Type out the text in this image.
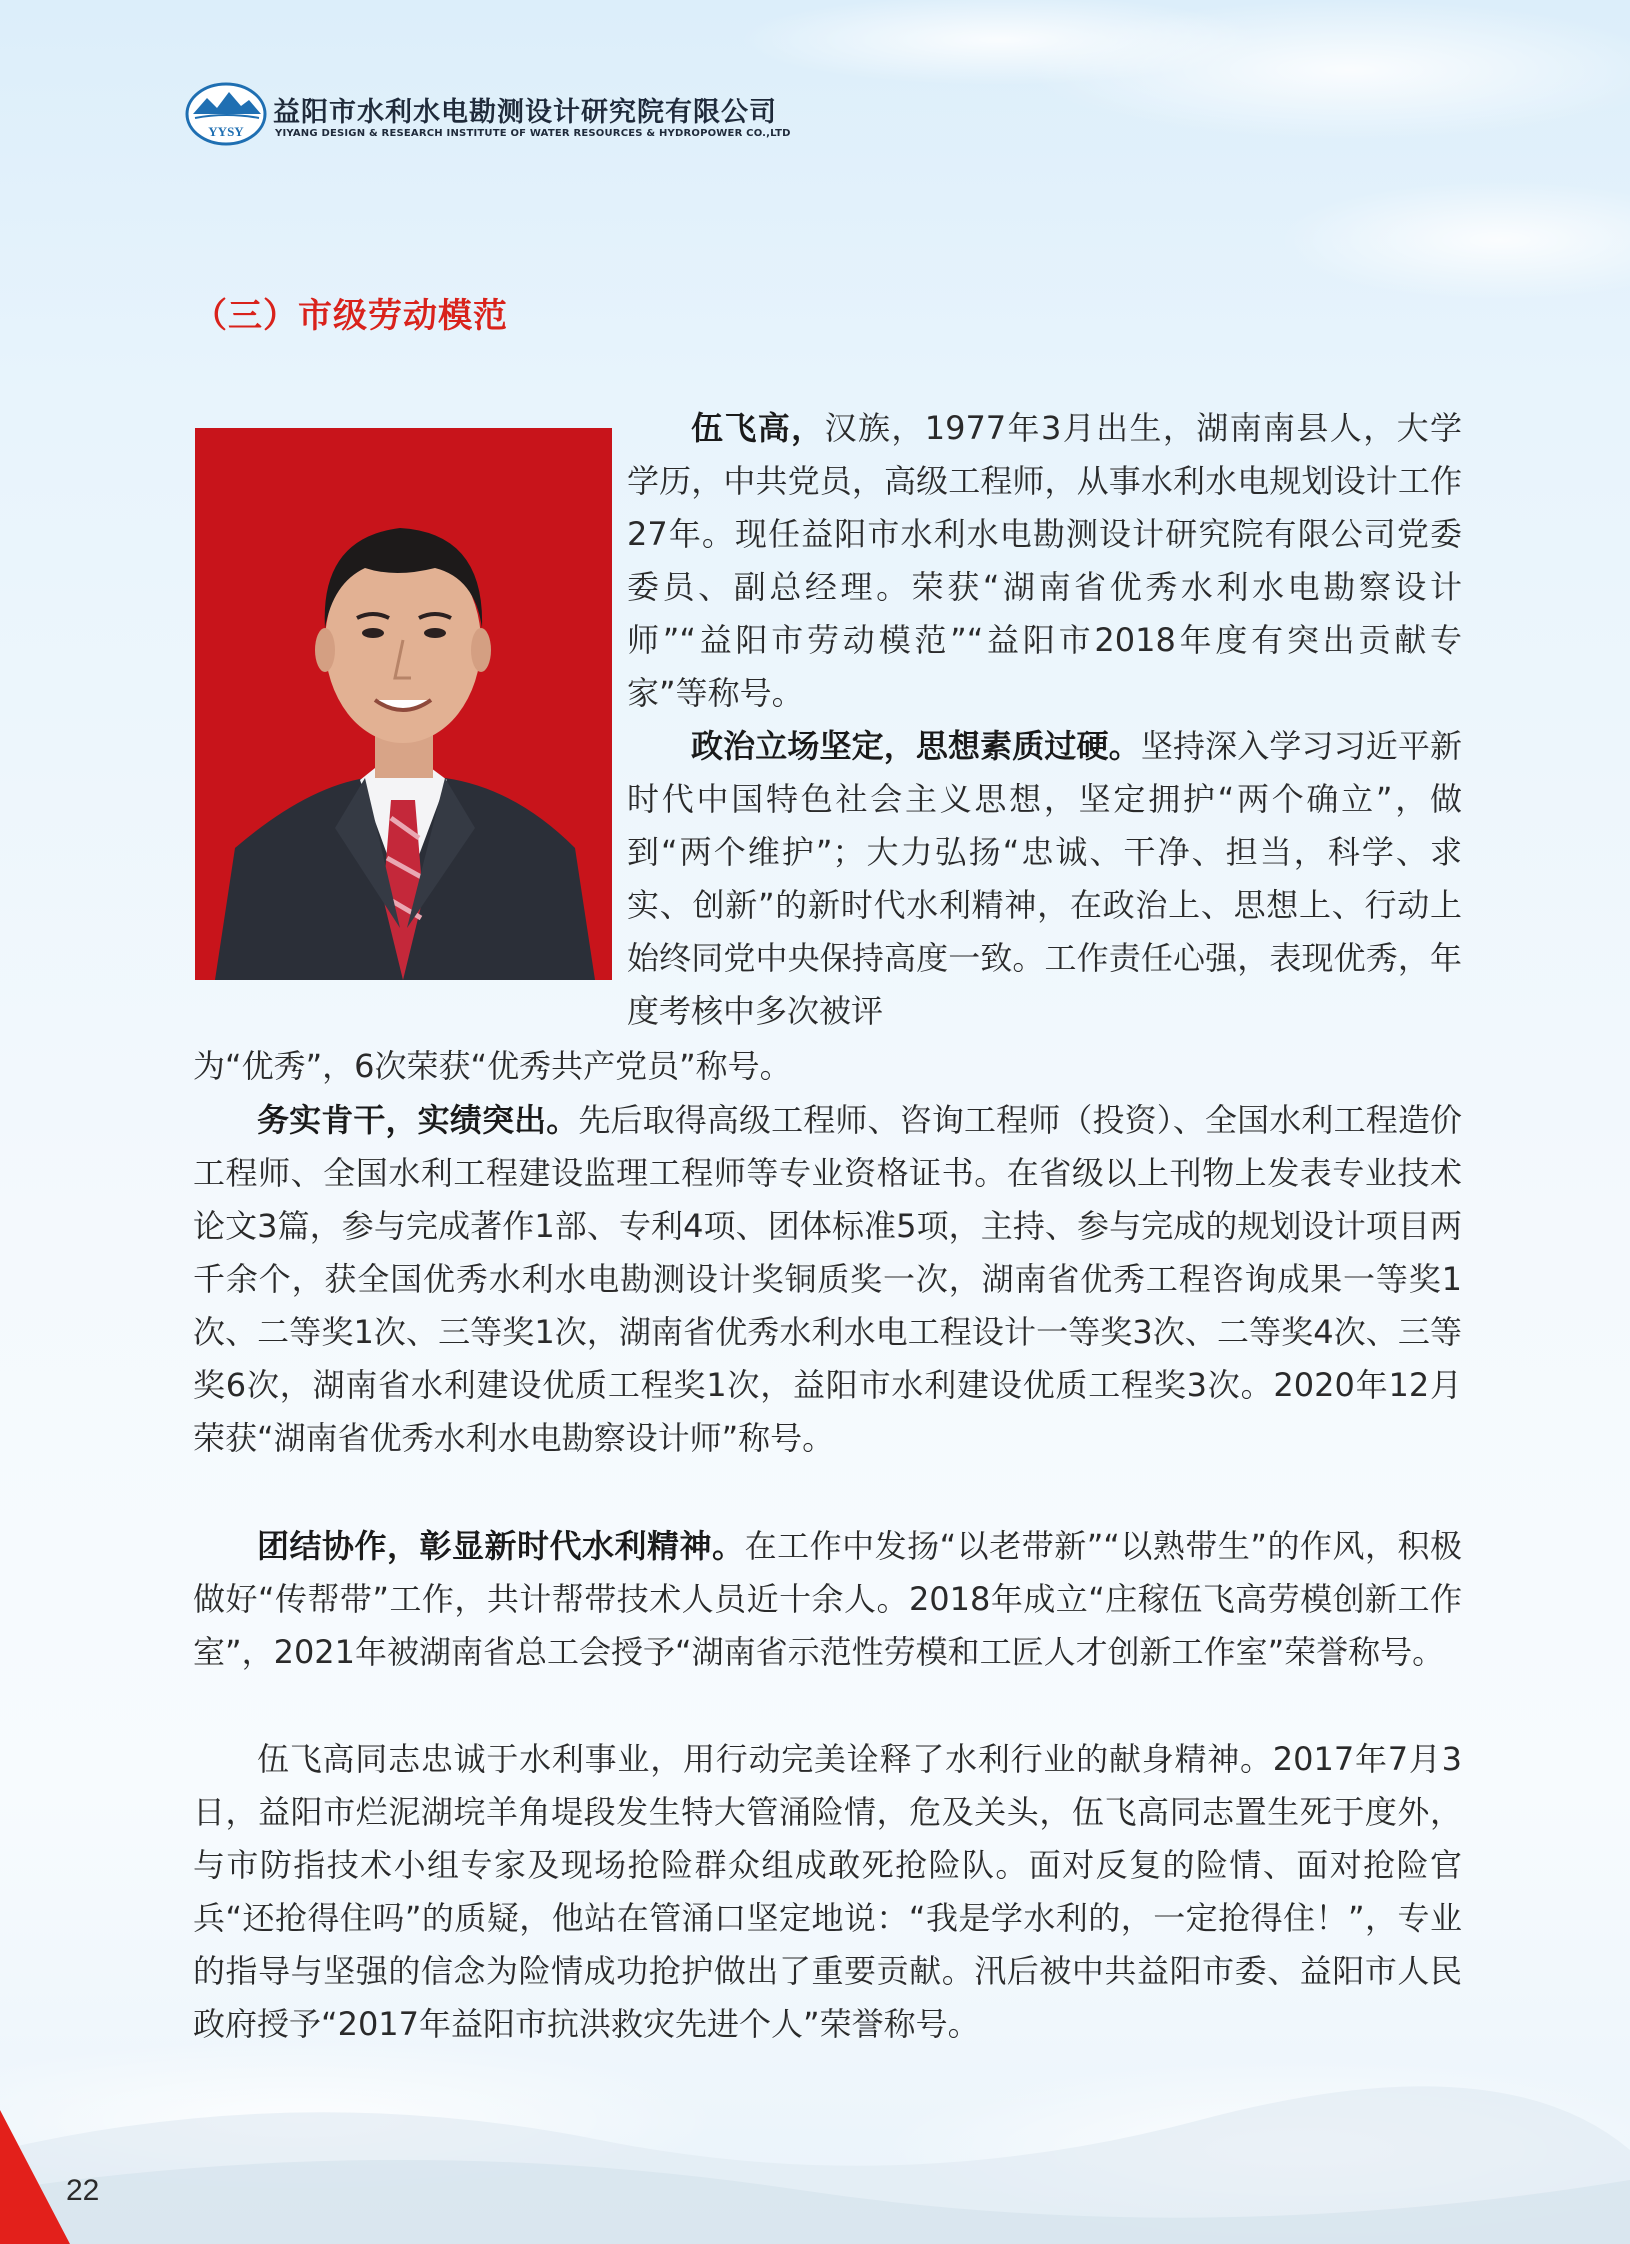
YYSY
益阳市水利水电勘测设计研究院有限公司
YIYANG DESIGN & RESEARCH INSTITUTE OF WATER RESOURCES & HYDROPOWER CO.,LTD
（三）市级劳动模范

伍飞高，汉族，1977年3月出生，湖南南县人，大学学历，中共党员，高级工程师，从事水利水电规划设计工作27年。现任益阳市水利水电勘测设计研究院有限公司党委委员、副总经理。荣获“湖南省优秀水利水电勘察设计师”“益阳市劳动模范”“益阳市2018年度有突出贡献专家”等称号。

政治立场坚定，思想素质过硬。坚持深入学习习近平新时代中国特色社会主义思想，坚定拥护“两个确立”，做到“两个维护”；大力弘扬“忠诚、干净、担当，科学、求实、创新”的新时代水利精神，在政治上、思想上、行动上始终同党中央保持高度一致。工作责任心强，表现优秀，年度考核中多次被评

为“优秀”，6次荣获“优秀共产党员”称号。

务实肯干，实绩突出。先后取得高级工程师、咨询工程师（投资）、全国水利工程造价工程师、全国水利工程建设监理工程师等专业资格证书。在省级以上刊物上发表专业技术论文3篇，参与完成著作1部、专利4项、团体标准5项，主持、参与完成的规划设计项目两千余个，获全国优秀水利水电勘测设计奖铜质奖一次，湖南省优秀工程咨询成果一等奖1次、二等奖1次、三等奖1次，湖南省优秀水利水电工程设计一等奖3次、二等奖4次、三等奖6次，湖南省水利建设优质工程奖1次，益阳市水利建设优质工程奖3次。2020年12月荣获“湖南省优秀水利水电勘察设计师”称号。

团结协作，彰显新时代水利精神。在工作中发扬“以老带新”“以熟带生”的作风，积极做好“传帮带”工作，共计帮带技术人员近十余人。2018年成立“庄稼伍飞高劳模创新工作室”，2021年被湖南省总工会授予“湖南省示范性劳模和工匠人才创新工作室”荣誉称号。

伍飞高同志忠诚于水利事业，用行动完美诠释了水利行业的献身精神。2017年7月3日，益阳市烂泥湖垸羊角堤段发生特大管涌险情，危及关头，伍飞高同志置生死于度外，与市防指技术小组专家及现场抢险群众组成敢死抢险队。面对反复的险情、面对抢险官兵“还抢得住吗”的质疑，他站在管涌口坚定地说：“我是学水利的，一定抢得住！”，专业的指导与坚强的信念为险情成功抢护做出了重要贡献。汛后被中共益阳市委、益阳市人民政府授予“2017年益阳市抗洪救灾先进个人”荣誉称号。

22
